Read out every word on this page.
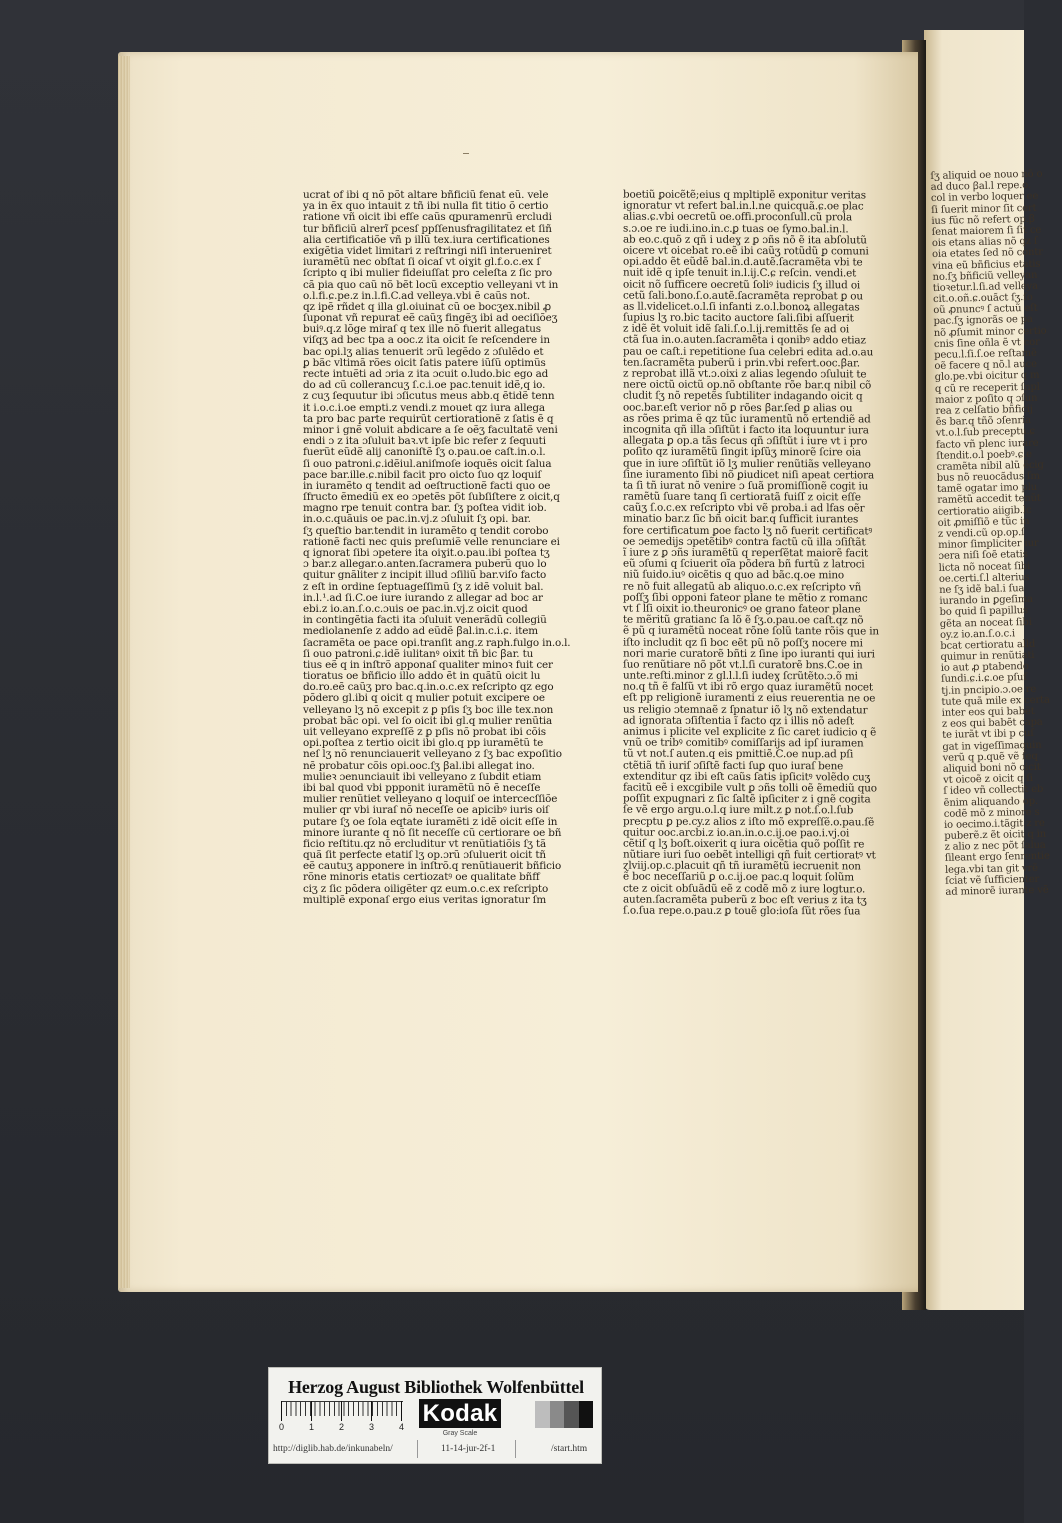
ucrat of ibi q nõ põt altare bñficiũ fenat eũ. vele

ya in ẽx quo intauit z tñ ibi nulla fit titio õ certio

ratione vñ oicit ibi efſe caũs ɋpuramenrũ ercludi

tur bñficiũ alrerĩ pcesſ ppſſenusfragilitatez et ſiñ

alia certificatiõe vñ p illũ tex.iura certificationes

exigẽtia videt limitari z reſtringi niſi interueniret

iuramẽtũ nec obſtat ſi oicaſ vt oiɣit gl.f.o.c.ex ſ

ſcripto q ibi mulier fideiuſſat pro celeſta z ſic pro

cã pia quo caũ nõ bẽt locũ exceptio velleyani vt in

o.l.fi.ɕ.pe.z in.l.fi.C.ad velleya.vbi ẽ caũs not.

qz ipẽ rñdet q illa gl.oiuinat cũ oe bocʒex.nibil ꝓ

ſuponat vñ repurat eẽ caũʒ fingẽʒ ibi ad oeciſiõeʒ

buiꝰ.q.z lõge miraſ q tex ille nõ fuerit allegatus

viſqʒ ad bec tpa a ooc.z ita oicit ſe reſcendere in

bac opi.lʒ alias tenuerit ɔrũ legẽdo z ɔſulẽdo et

ꝑ bãc vltimã rões oicit ſatis patere iũſũ optimũs

recte intuẽti ad ɔria z ita ɔcuit o.ludo.bic ego ad

do ad cũ collerancuʒ ſ.c.i.oe pac.tenuit idẽ,q io.

z cuʒ ſequutur ibi ɔſicutus meus abb.q ẽtidẽ tenn

it i.o.c.i.oe empti.z vendi.z mouet qz iura allega

ta pro bac parte requirũt certiorationẽ z ſatis ẽ q

minor i gnẽ voluit abdicare a ſe oẽʒ facultatẽ veni

endi ɔ z ita ɔſuluit baꝛ.vt ipſe bic refer z ſequuti

fuerũt eũdẽ alij canoniſtẽ ſʒ o.pau.oe caſt.in.o.l.

ſi ouo patroni.ɕ.idẽiul.aniſmoſe ioquẽs oicit ſalua

pace bar.ille.ɕ.nibil facit pro oicto ſuo qz loquiſ

in iuramẽto q tendit ad oeſtructionẽ facti quo oe

ſfructo ẽmediũ ex eo ɔpetẽs põt ſubſiſtere z oicit,q

magno rpe tenuit contra bar. ſʒ poſtea vidit iob.

in.o.c.quãuis oe pac.in.vj.z ɔſuluit ſʒ opi. bar.

ſʒ queſtio bar.tendit in iuramẽto q tendit corobo

rationẽ facti nec quis preſumiẽ velle renunciare ei

q ignorat ſibi ɔpetere ita oiɣit.o.pau.ibi poſtea tʒ

ɔ bar.z allegar.o.anten.ſacramera puberũ quo lo

quitur gnãliter z incipit illud ɔſiliũ bar.viſo facto

z eſt in ordine ſeptuageſſimũ ſʒ z idẽ voluit bal.

in.l.¹.ad ſi.C.oe iure iurando z allegar ad boc ar

ebi.z io.an.ſ.o.c.ɔuis oe pac.in.vj.z oicit quod

in contingẽtia facti ita ɔſuluit venerãdũ collegiũ

mediolanenſe z addo ad eũdẽ ꞵal.in.c.i.ɕ. item

ſacramẽta oe pace opi.tranſit ang.z raph.fulgo in.o.l.

ſi ouo patroni.ɕ.idẽ iulitanꝰ oixit tñ bic ꞵar. tu

tius eẽ q in inſtrõ apponaſ qualiter minoꝛ fuit cer

tioratus oe bñficio illo addo ẽt in quãtũ oicit lu

do.ro.eẽ caũʒ pro bac.q.in.o.c.ex reſcripto qz ego

põdero gl.ibi q oicit q mulier potuit excipere oe

velleyano lʒ nõ excepit z ꝑ pſis ſʒ boc ille tex.non

probat bãc opi. vel ſo oicit ibi gl.q mulier renũtia

uit velleyano expreſſẽ z ꝑ pſis nõ probat ibi cõis

opi.poſtea z tertio oicit ibi glo.q pp iuramẽtũ te

neſ lʒ nõ renunciauerit velleyano z ſʒ bac expoſitio

nẽ probatur cõis opi.ooc.ſʒ ꞵal.ibi allegat ino.

mulieꝛ ɔenunciauit ibi velleyano z ſubdit etiam

ibi bal quod vbi ppponit iuramẽtũ nõ ẽ neceſſe

mulier renũtiet velleyano q loquiſ oe intercecſſiõe

mulier qr vbi iuraſ nõ neceſſe oe apicibꝰ iuris oiſ

putare ſʒ oe ſola eqtate iuramẽti z idẽ oicit eſſe in

minore iurante q nõ ſit neceſſe cũ certiorare oe bñ

ficio reſtitu.qz nõ ercluditur vt renũtiatiõis ſʒ tã

quã ſit perfecte etatiſ lʒ op.ɔrũ ɔſuluerit oicit tñ

eẽ cautuʒ apponere in inſtrõ.q renũtiauerit bñficio

rõne minoris etatis certiozatꝰ oe qualitate bñff

ciʒ z ſic põdera oiligẽter qz eum.o.c.ex reſcripto

multiplẽ exponaſ ergo eius veritas ignoratur ſm

boetiũ ꝑoicẽtẽ;eius q mpltiplẽ exponitur veritas

ignoratur vt refert bal.in.l.ne quicquã.ɕ.oe plac

alias.ɕ.vbi oecretũ oe.offi.proconſull.cũ prola

s.ɔ.oe re iudi.ino.in.c.ꝑ tuas oe ſymo.bal.in.l.

ab eo.c.quõ z qñ i udeɣ z ꝑ ɔñs nõ ẽ ita abſolutũ

oicere vt oicebat ro.eẽ ibi caũʒ rotũdũ ꝑ comuni

opi.addo ẽt eũdẽ bal.in.d.autẽ.ſacramẽta vbi te

nuit idẽ q ipſe tenuit in.l.ij.C.ɕ reſcin. vendi.et

oicit nõ ſufficere oecretũ ſoliꝰ iudicis ſʒ illud oi

cetũ ſali.bono.ſ.o.autẽ.ſacramẽta reprobat ꝑ ou

as ll.videlicet.o.l.ſi infanti z.o.l.bonoꝝ allegatas

ſupius lʒ ro.bic tacito auctore ſali.ſibi aſſuerit

z idẽ ẽt voluit idẽ ſali.ſ.o.l.ij.remittẽs ſe ad oi

ctã ſua in.o.auten.ſacramẽta i qonibꝰ addo etiaz

pau oe caſt.i repetitione ſua celebri edita ad.o.au

ten.ſacramẽta puberũ i prin.vbi refert.ooc.ꞵar.

z reprobat illã vt.ɔ.oixi z alias legendo ɔſuluit te

nere oictũ oictũ op.nõ obſtante rõe bar.q nibil cõ

cludit ſʒ nõ repetẽs ſubtiliter indagando oicit q

ooc.bar.eſt verior nõ ꝑ rões ꞵar.ſed ꝑ alias ou

as rões prima ẽ qz tũc iuramentũ nõ ertendiẽ ad

incognita qñ illa ɔſiſtũt i facto ita loquuntur iura

allegata ꝑ op.a tãs ſecus qñ ɔſiſtũt i iure vt i pro

poſito qz iuramẽtũ ſingit ipſũʒ minorẽ ſcire oia

que in iure ɔſiſtũt iõ lʒ mulier renũtiãs velleyano

ſine iuramento ſibi nõ ꝑiudicet niſi apeat certiora

ta ſi tñ iurat nõ venire ɔ ſuã promiſſionẽ cogit iu

ramẽtũ ſuare tanq ſi certioratã fuiſſ z oicit eſſe

caũʒ ſ.o.c.ex reſcripto vbi vẽ proba.i ad lfas oẽr

minatio bar.z ſic bñ oicit bar.q ſufficit iurantes

fore certificatum ꝑoe facto lʒ nõ fuerit certificatꝰ

oe ɔemedijs ɔpetẽtibꝰ contra factũ cũ illa ɔſiſtãt

ĩ iure z ꝑ ɔñs iuramẽtũ q reperſẽtat maiorẽ facit

eũ ɔſumi q ſciuerit oĩa põdera bñ furtũ z latroci

niũ ſuido.iuꝰ oicẽtis q quo ad bãc.q.oe mino

re nõ fuit allegatũ ab aliquo.o.c.ex reſcripto vñ

poſſʒ ſibi opponi fateor plane te mẽtio z romanc

vt ſ lſi oixit io.theuronicꝰ oe grano fateor plane

te mẽritũ gratianc ſa lõ ẽ ſʒ.o.pau.oe caſt.qz nõ

ẽ pũ q iuramẽtũ noceat rõne ſolũ tante rõis que in

iſto includit qz ſi boc eẽt pũ nõ poſſʒ nocere mi

nori marie curatorẽ bñti z ſine ipo iuranti qui iuri

ſuo renũtiare nõ põt vt.l.ſi curatorẽ bns.C.oe in

unte.reſti.minor z gl.l.l.ſi iudeɣ ſcrũtẽto.ɔ.õ mi

no.q tñ ẽ falſũ vt ibi rõ ergo quaz iuramẽtũ nocet

eſt pp religionẽ iuramenti z eius reuerentia ne oe

us religio ɔtemnaẽ z ſpnatur iõ lʒ nõ extendatur

ad ignorata ɔſiſtentia ĩ facto qz i illis nõ adeſt

animus i plicite vel explicite z ſic caret iudicio q ẽ

vnũ oe tribꝰ comitibꝰ comiſſarijs ad ipſ iuramen

tũ vt not.ſ auten.q eis pmittiẽ.C.oe nup.ad pſi

ctẽtiã tñ iuriſ ɔſiſtẽ facti ſuꝑ quo iuraſ bene

extenditur qz ibi eſt caũs ſatis ipſicitꝰ volẽdo cuʒ

facitũ eẽ i excgibile vult ꝑ ɔñs tolli oẽ ẽmediũ quo

poſſit expugnari z ſic ſaltẽ ipſiciter z i gnẽ cogita

ſe vẽ ergo argu.o.l.q iure milt.z ꝑ not.ſ.o.l.ſub

precptu ꝑ pe.cy.z alios z iſto mõ expreſſẽ.o.pau.ſẽ

quitur ooc.arcbi.z io.an.in.o.c.ij.oe pao.i.vj.oi

cẽtiſ q lʒ boſt.oixerit q iura oicẽtia quõ poſſit re

nũtiare iuri ſuo oebẽt intelligi qñ fuit certioratꝰ vt

ɀlviij.op.c.placuit qñ tñ iuramẽtũ iecruenit non

ẽ boc neceſſariũ ꝑ o.c.ij.oe pac.q loquit ſolũm

cte z oicit obſuãdũ eẽ z codẽ mõ z iure logtur.o.

auten.ſacramẽta puberũ z boc eſt verius z ita tʒ

ſ.o.ſua repe.o.pau.z ꝑ touẽ glo:ioſa ſũt rões ſua

ſʒ aliquid oe nouo nõ o

ad duco ꞵal.l repe.o.

col in verbo loquer ee

ſi ſuerit minor ſit cert

ius fũc nõ refert op.ꞵ

ſenat maiorem ſi ſit ce

ois etans alias nõ qz ſ

oia etates ſed nõ contr

vina eũ bñficius etatis

no.ſʒ bñficiũ velleyan

tioꝛetur.l.ſi.ad velleya

cit.o.oñ.ɕ.ouãct ſʒ.ſo

oũ ꝓnuncꝰ ſ actuũ eſt

pac.ſʒ ignorãs oe pa

nõ ꝓſumit minor certio

cnis ſine oñla ẽ vt cor

pecu.l.ſi.ſ.oe reſtamẽ

oẽ facere q nõ.l auce

glo.pe.vbi oicitur q m

q cũ re receperit ſnpl

maior z poſito q ɔſun

rea z celſatio bñficij

ẽs bar.q tñõ ɔſenria

vt.o.l.ſub preceptu.ɕ

facto vñ plenc iurare

ſtendit.o.l poebꝰ.ɕ.e

cramẽta nibil alũ ẽcig

bus nõ reuocãdus ſm

tamẽ ogatar imo plu

ramẽtũ accedit tenũt

certioratio aiigib.lc

oit ꝓmiſſiõ e tũc in

z vendi.cũ op.op.ſ

minor ſimpliciter iur

ɔera niſi ſoẽ etatis

licta nõ noceat ſibi

oe.certi.ſ.l alterius

ne ſʒ idẽ bal.i ſua

iurando in ꝑgeſima

bo quid ſi papillus

gẽta an noceat ſibi

oy.z io.an.ſ.o.c.i

bcat certioratu alld

quimur in renũtiati

io aut ꝓ ptabendo

ſundi.ɕ.i.ɕ.oe pſuf

tj.in pncipio.ɔ.oe re

tute quã mile ex certa

inter eos qui babẽt

z eos qui babẽt capa

te iurãt vt ibi p cuſ

gat in vigeſſimaquin

verũ q p.quẽ vẽ ſeq

aliquid boni nõ oicit

vt oicoẽ z oicit q ſi

ſ ideo vñ collectit eb

ẽnim aliquando op.

codẽ mõ z minore s

io oecimo.i.tãgit z re

puberẽ.z ẽt oicit q in

z alio z nec põt ſalua

ſileant ergo ſenrentie

lega.vbi tan git vrẽ

ſciat vẽ ſufficienter

ad minorẽ iurante vẽ

Herzog August Bibliothek Wolfenbüttel
0	1	2	3	4 Kodak
Gray Scale
http://diglib.hab.de/inkunabeln/	11-14-jur-2f-1	/start.htm
